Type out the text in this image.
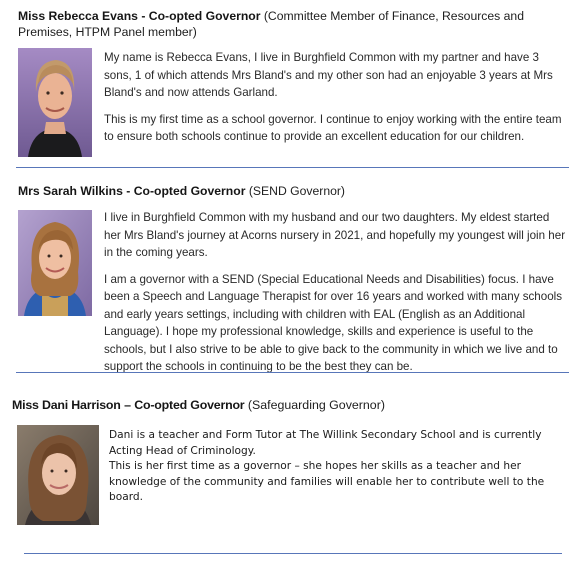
Miss Rebecca Evans - Co-opted Governor (Committee Member of Finance, Resources and Premises, HTPM Panel member)

My name is Rebecca Evans, I live in Burghfield Common with my partner and have 3 sons, 1 of which attends Mrs Bland's and my other son had an enjoyable 3 years at Mrs Bland's and now attends Garland.

This is my first time as a school governor. I continue to enjoy working with the entire team to ensure both schools continue to provide an excellent education for our children.

Mrs Sarah Wilkins - Co-opted Governor (SEND Governor)

I live in Burghfield Common with my husband and our two daughters. My eldest started her Mrs Bland's journey at Acorns nursery in 2021, and hopefully my youngest will join her in the coming years.

I am a governor with a SEND (Special Educational Needs and Disabilities) focus. I have been a Speech and Language Therapist for over 16 years and worked with many schools and early years settings, including with children with EAL (English as an Additional Language). I hope my professional knowledge, skills and experience is useful to the schools, but I also strive to be able to give back to the community in which we live and to support the schools in continuing to be the best they can be.

Miss Dani Harrison – Co-opted Governor (Safeguarding Governor)

Dani is a teacher and Form Tutor at The Willink Secondary School and is currently Acting Head of Criminology.

This is her first time as a governor – she hopes her skills as a teacher and her knowledge of the community and families will enable her to contribute well to the board.
